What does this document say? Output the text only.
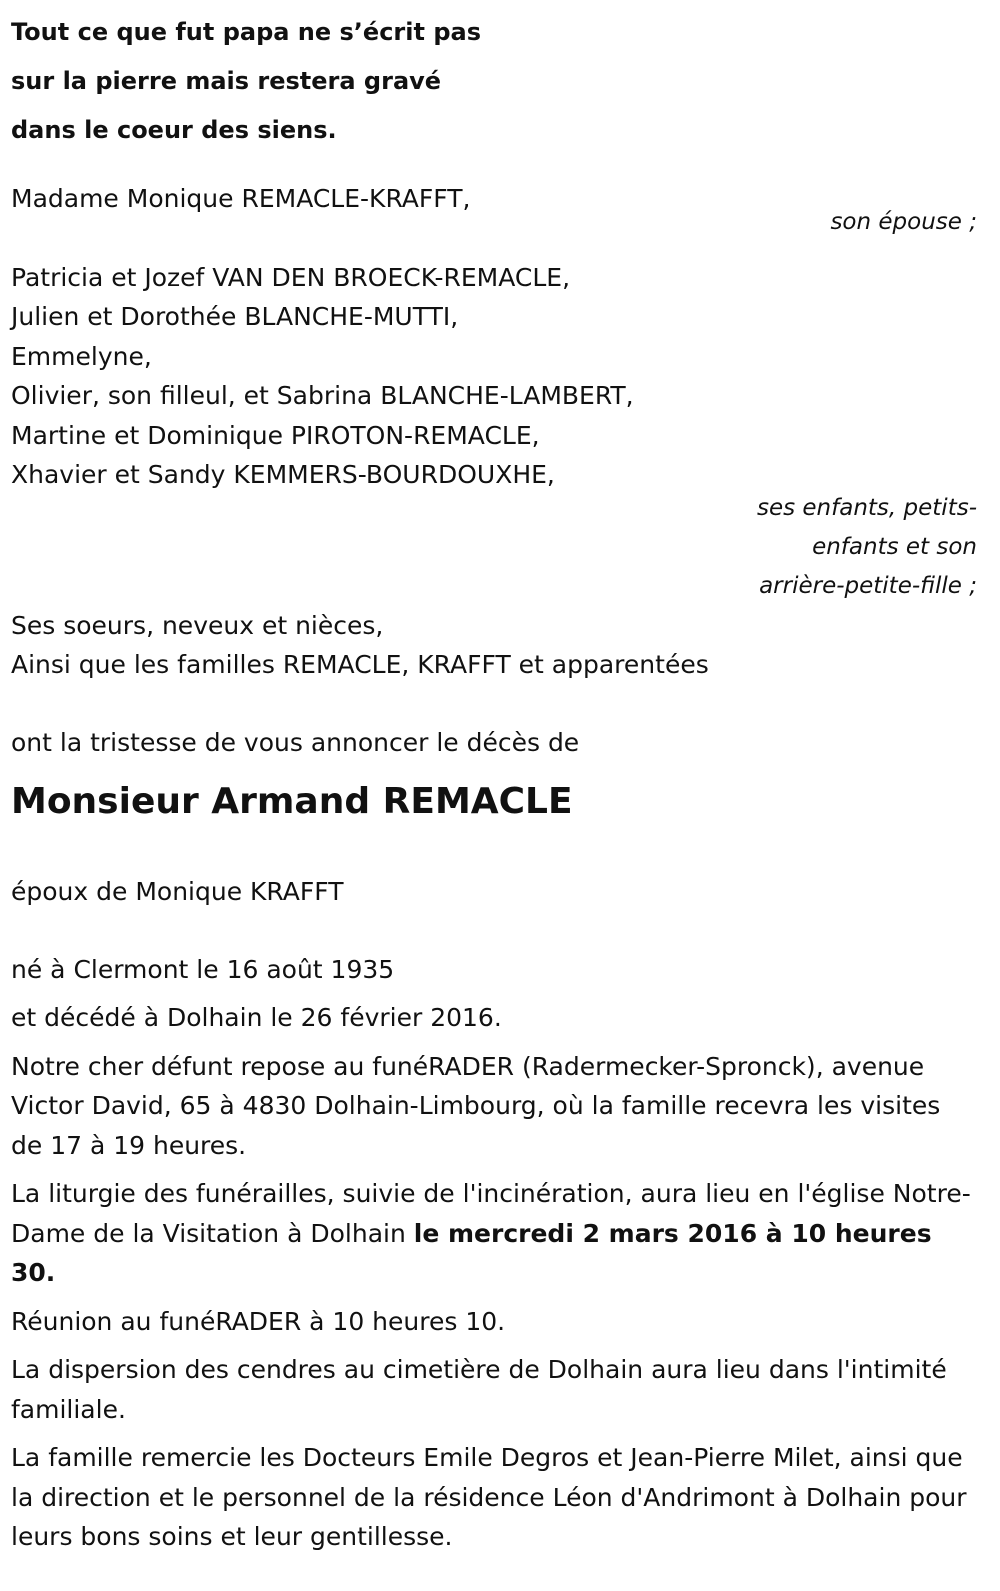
Tout ce que fut papa ne s’écrit pas
sur la pierre mais restera gravé
dans le coeur des siens.
Madame Monique REMACLE-KRAFFT,
son épouse ;
Patricia et Jozef VAN DEN BROECK-REMACLE,
Julien et Dorothée BLANCHE-MUTTI,
Emmelyne,
Olivier, son filleul, et Sabrina BLANCHE-LAMBERT,
Martine et Dominique PIROTON-REMACLE,
Xhavier et Sandy KEMMERS-BOURDOUXHE,
ses enfants, petits-
enfants et son
arrière-petite-fille ;
Ses soeurs, neveux et nièces,
Ainsi que les familles REMACLE, KRAFFT et apparentées
ont la tristesse de vous annoncer le décès de
Monsieur Armand REMACLE
époux de Monique KRAFFT
né à Clermont le 16 août 1935
et décédé à Dolhain le 26 février 2016.
Notre cher défunt repose au funéRADER (Radermecker-Spronck), avenue Victor David, 65 à 4830 Dolhain-Limbourg, où la famille recevra les visites de 17 à 19 heures.
La liturgie des funérailles, suivie de l'incinération, aura lieu en l'église Notre-Dame de la Visitation à Dolhain le mercredi 2 mars 2016 à 10 heures 30.
Réunion au funéRADER à 10 heures 10.
La dispersion des cendres au cimetière de Dolhain aura lieu dans l'intimité familiale.
La famille remercie les Docteurs Emile Degros et Jean-Pierre Milet, ainsi que la direction et le personnel de la résidence Léon d'Andrimont à Dolhain pour leurs bons soins et leur gentillesse.
